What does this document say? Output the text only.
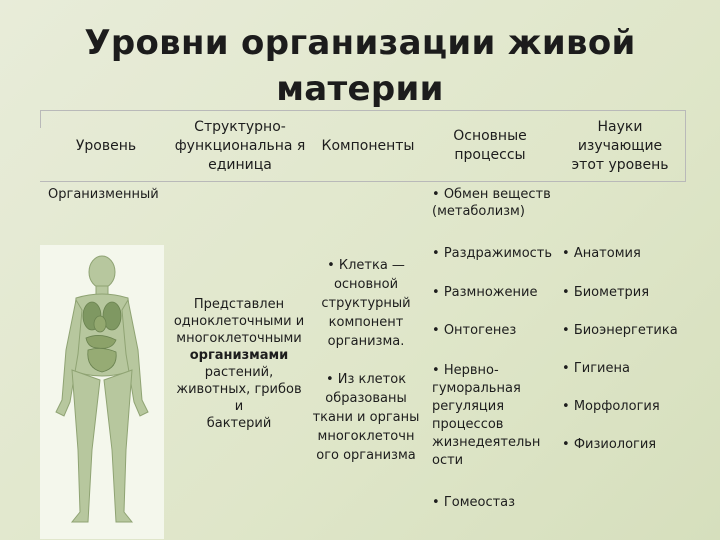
Уровни организации живой
материи
Уровень
Структурно-функциональна я единица
Компоненты
Основные процессы
Науки изучающие этот уровень
Организменный
Представлен
одноклеточными и
многоклеточными
организмами
растений,
животных, грибов и
бактерий
• Клетка —
основной
структурный
компонент
организма.
• Из клеток
образованы
ткани и органы
многоклеточн
ого организма
• Обмен веществ
(метаболизм)
• Раздражимость
• Размножение
• Онтогенез
• Нервно-
гуморальная
регуляция
процессов
жизнедеятельн
ости
• Гомеостаз
• Анатомия
• Биометрия
• Биоэнергетика
• Гигиена
• Морфология
• Физиология
